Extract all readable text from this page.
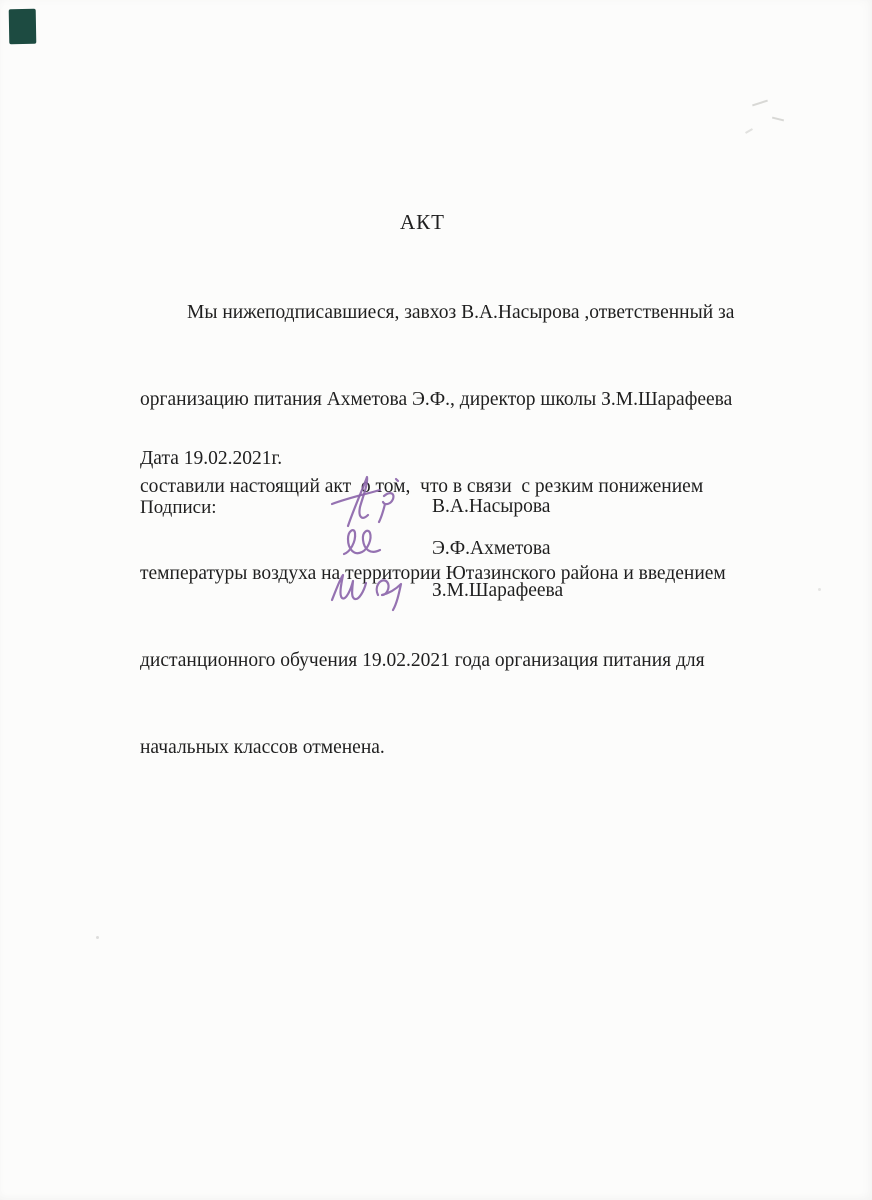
АКТ

Мы нижеподписавшиеся, завхоз В.А.Насырова ,ответственный за

организацию питания Ахметова Э.Ф., директор школы З.М.Шарафеева

составили настоящий акт  о том,  что в связи  с резким понижением

температуры воздуха на территории Ютазинского района и введением

дистанционного обучения 19.02.2021 года организация питания для

начальных классов отменена.

Дата 19.02.2021г.
Подписи:	В.А.Насырова
Э.Ф.Ахметова
З.М.Шарафеева
